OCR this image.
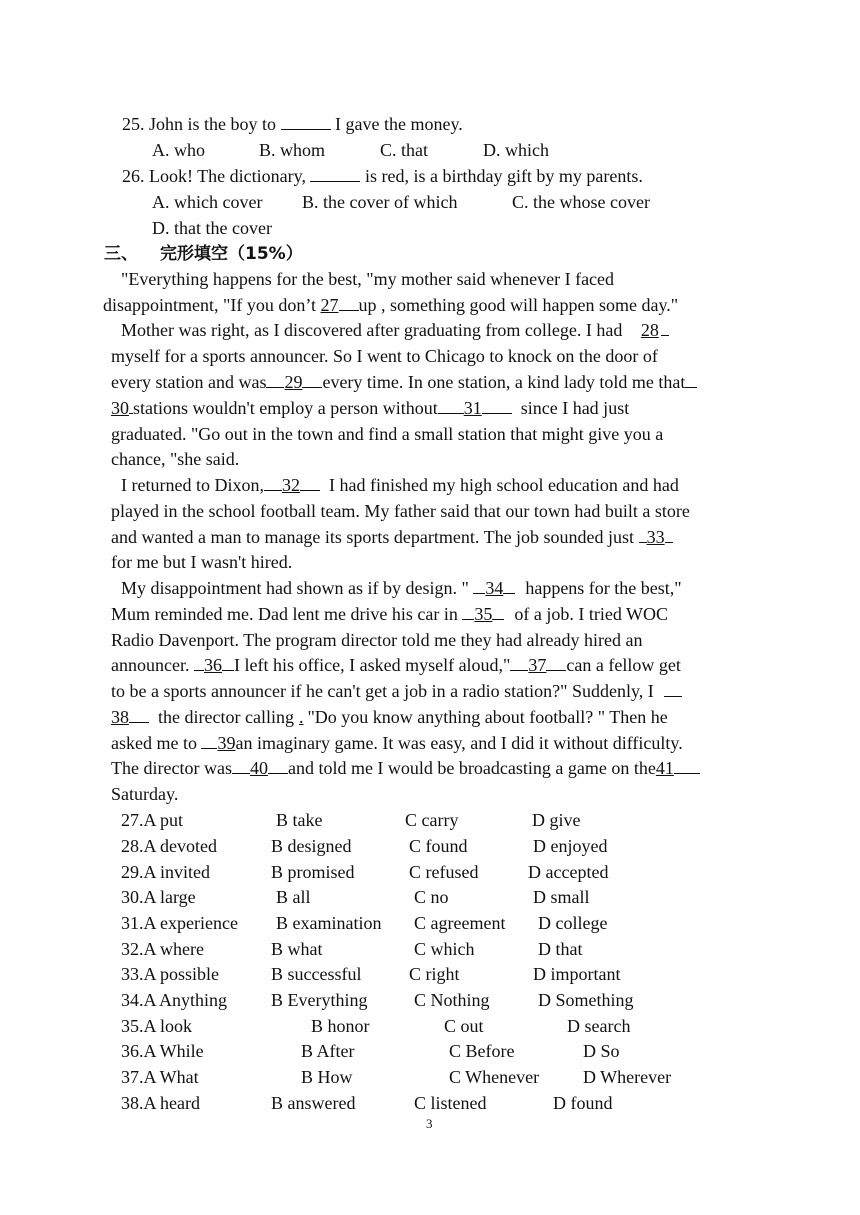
25. John is the boy to	I gave the money.
A. who	B. whom	C. that	D. which
26. Look! The dictionary,	is red, is a birthday gift by my parents.
A. which cover B. the cover of which	C. the whose cover
D. that the cover
三、 完形填空（15%）
"Everything happens for the best, "my mother said whenever I faced
disappointment, "If you don’t 27 up , something good will happen some day."
Mother was right, as I discovered after graduating from college. I had 28
myself for a sports announcer. So I went to Chicago to knock on the door of
every station and was 29 every time. In one station, a kind lady told me that
30 stations wouldn't employ a person without 31 since I had just
graduated. "Go out in the town and find a small station that might give you a
chance, "she said.
I returned to Dixon, 32 I had finished my high school education and had
played in the school football team. My father said that our town had built a store
and wanted a man to manage its sports department. The job sounded just 33
for me but I wasn't hired.
My disappointment had shown as if by design. " 34 happens for the best,"
Mum reminded me. Dad lent me drive his car in 35 of a job. I tried WOC
Radio Davenport. The program director told me they had already hired an
announcer. 36 I left his office, I asked myself aloud," 37 can a fellow get
to be a sports announcer if he can't get a job in a radio station?" Suddenly, I
38 the director calling . "Do you know anything about football? " Then he
asked me to 39an imaginary game. It was easy, and I did it without difficulty.
The director was 40 and told me I would be broadcasting a game on the41
Saturday.
27.A put	B take	C carry	D give
28.A devoted	B designed	C found	D enjoyed
29.A invited	B promised	C refused	D accepted
30.A large	B all	C no	D small
31.A experience B examination C agreement D college
32.A where	B what	C which	D that
33.A possible	B successful	C right	D important
34.A Anything B Everything	C Nothing	D Something
35.A look	B honor	C out	D search
36.A While	B After	C Before	D So
37.A What	B How	C Whenever D Wherever
38.A heard	B answered	C listened	D found
3
